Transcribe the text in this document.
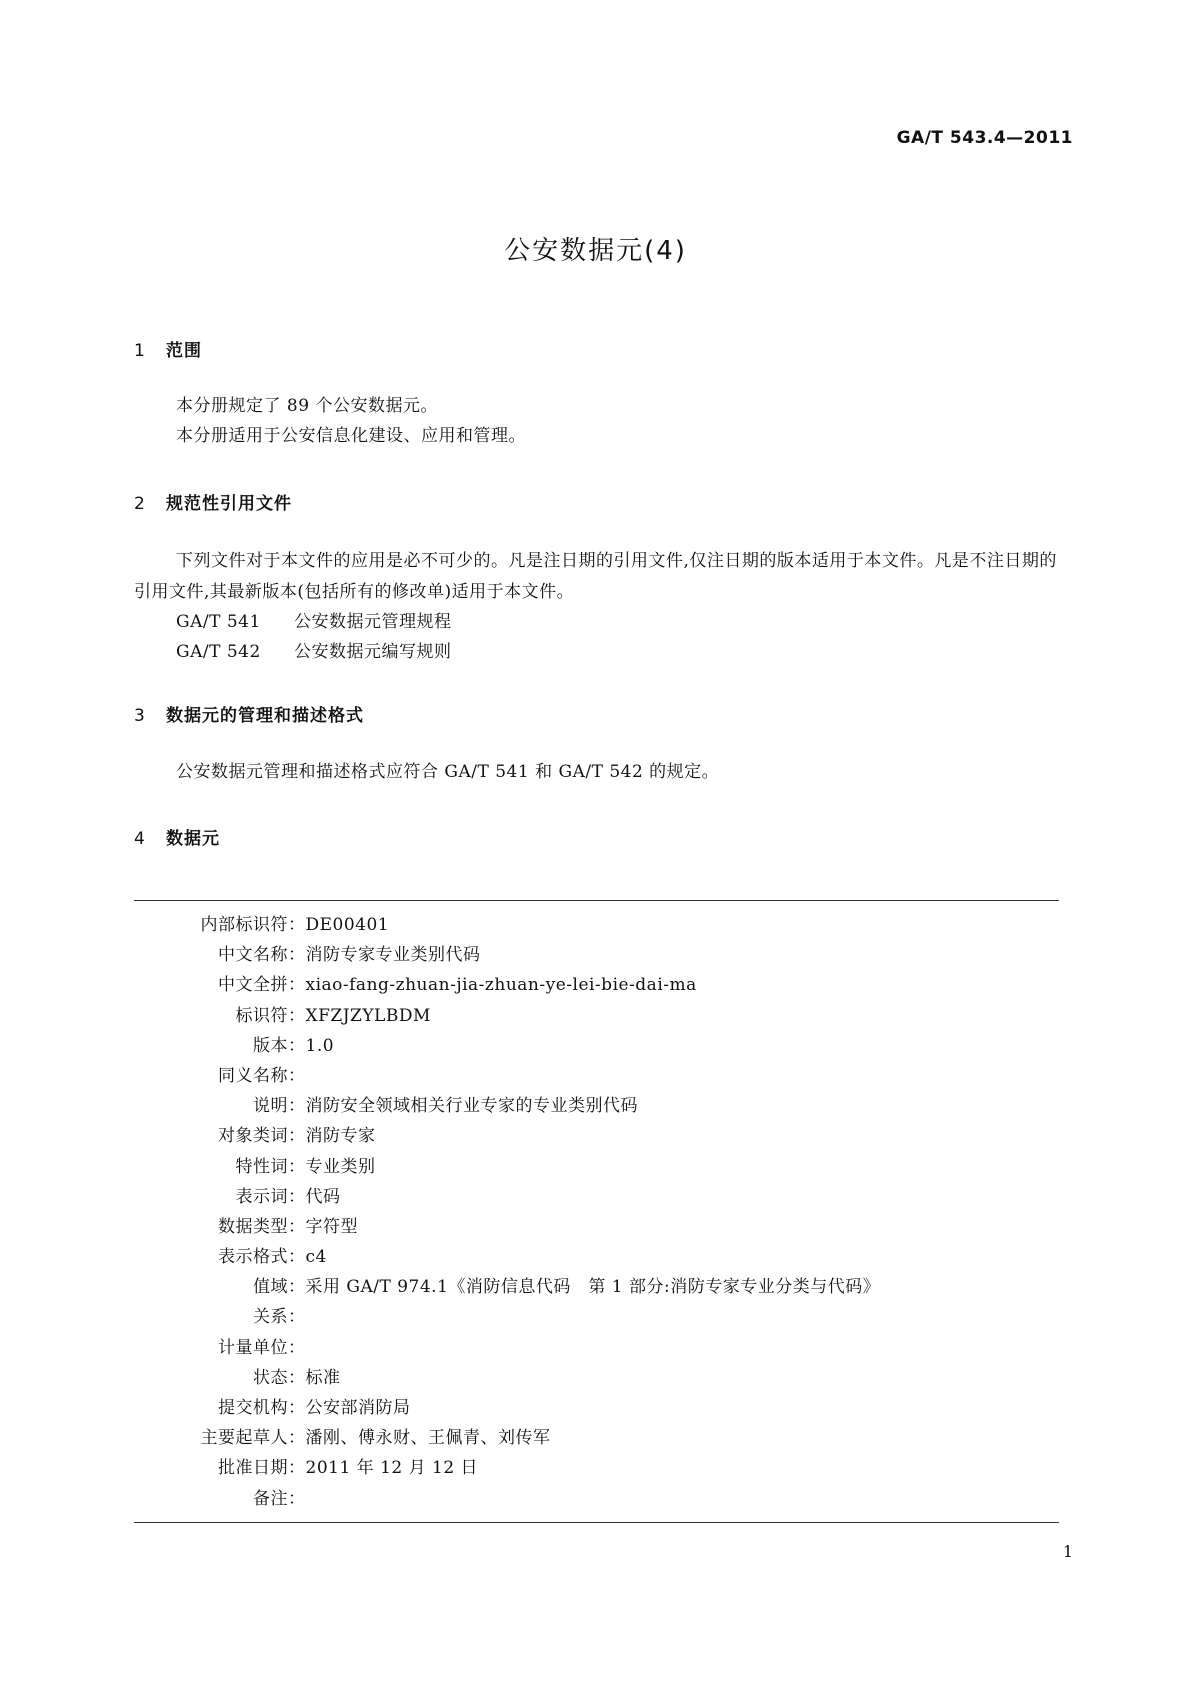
GA/T 543.4—2011
公安数据元(4)
1 范围
本分册规定了 89 个公安数据元。
本分册适用于公安信息化建设、应用和管理。
2 规范性引用文件
下列文件对于本文件的应用是必不可少的。凡是注日期的引用文件,仅注日期的版本适用于本文件。凡是不注日期的引用文件,其最新版本(包括所有的修改单)适用于本文件。
GA/T 541 公安数据元管理规程
GA/T 542 公安数据元编写规则
3 数据元的管理和描述格式
公安数据元管理和描述格式应符合 GA/T 541 和 GA/T 542 的规定。
4 数据元
内部标识符：DE00401
中文名称：消防专家专业类别代码
中文全拼：xiao-fang-zhuan-jia-zhuan-ye-lei-bie-dai-ma
标识符：XFZJZYLBDM
版本：1.0
同义名称：
说明：消防安全领域相关行业专家的专业类别代码
对象类词：消防专家
特性词：专业类别
表示词：代码
数据类型：字符型
表示格式：c4
值域：采用 GA/T 974.1《消防信息代码　第 1 部分:消防专家专业分类与代码》
关系：
计量单位：
状态：标准
提交机构：公安部消防局
主要起草人：潘刚、傅永财、王佩青、刘传军
批准日期：2011 年 12 月 12 日
备注：
1
